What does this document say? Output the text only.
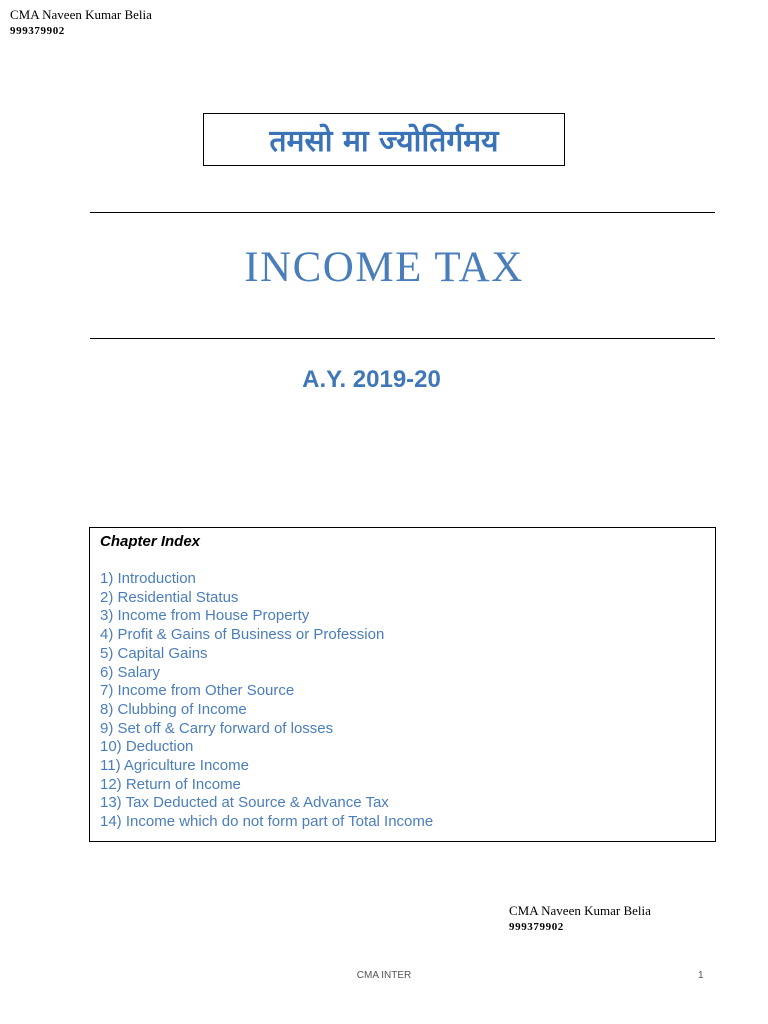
CMA Naveen Kumar Belia
999379902
तमसो मा ज्योतिर्गमय
INCOME TAX
A.Y. 2019-20
Chapter Index
1) Introduction
2) Residential Status
3) Income from House Property
4) Profit & Gains of Business or Profession
5) Capital Gains
6) Salary
7) Income from Other Source
8) Clubbing of Income
9) Set off & Carry forward of losses
10) Deduction
11) Agriculture Income
12) Return of Income
13) Tax Deducted at Source & Advance Tax
14) Income which do not form part of Total Income
CMA Naveen Kumar Belia
999379902
CMA INTER	1
